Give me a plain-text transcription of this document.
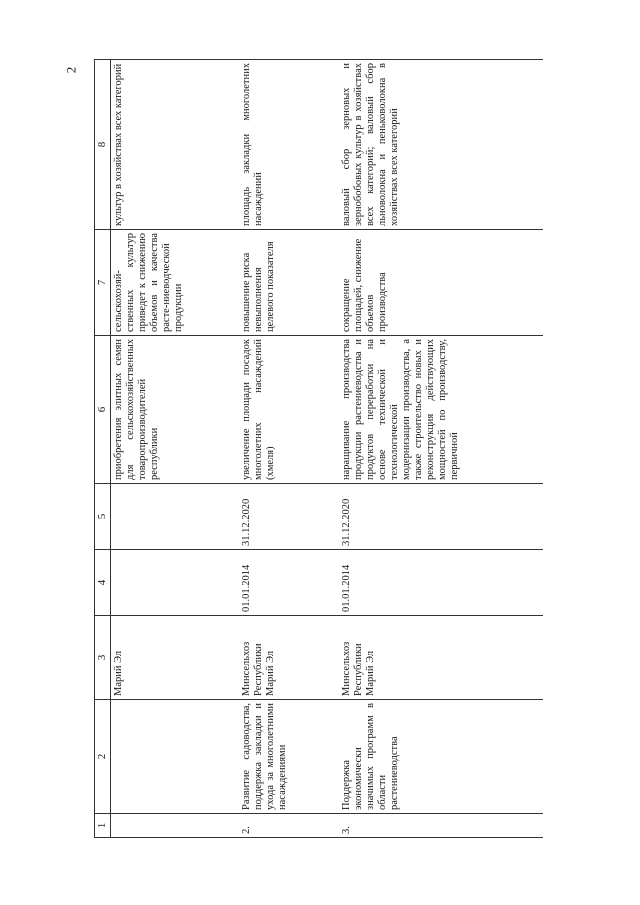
2
1	2	3	4	5	6	7	8
		Марий Эл			приобретения элитных семян для сельскохозяйственных товаропроизводителей республики	сельскохозяй-ственных культур приведет к снижению объемов и качества расте-ниеводческой продукции	культур в хозяйствах всех категорий
2.	Развитие садоводства, поддержка закладки и ухода за многолетними насаждениями	Минсельхоз Республики Марий Эл	01.01.2014	31.12.2020	увеличение площади посадок многолетних насаждений (хмеля)	повышение риска невыполнения целевого показателя	площадь закладки многолетних насаждений
3.	Поддержка экономически значимых программ в области растениеводства	Минсельхоз Республики Марий Эл	01.01.2014	31.12.2020	наращивание производства продукции растениеводства и продуктов переработки на основе технической и технологической модернизации производства, а также строительство новых и реконструкция действующих мощностей по производству, первичной	сокращение площадей, снижение объемов производства	валовый сбор зерновых и зернобобовых культур в хозяйствах всех категорий; валовый сбор льноволокна и пеньковолокна в хозяйствах всех категорий
